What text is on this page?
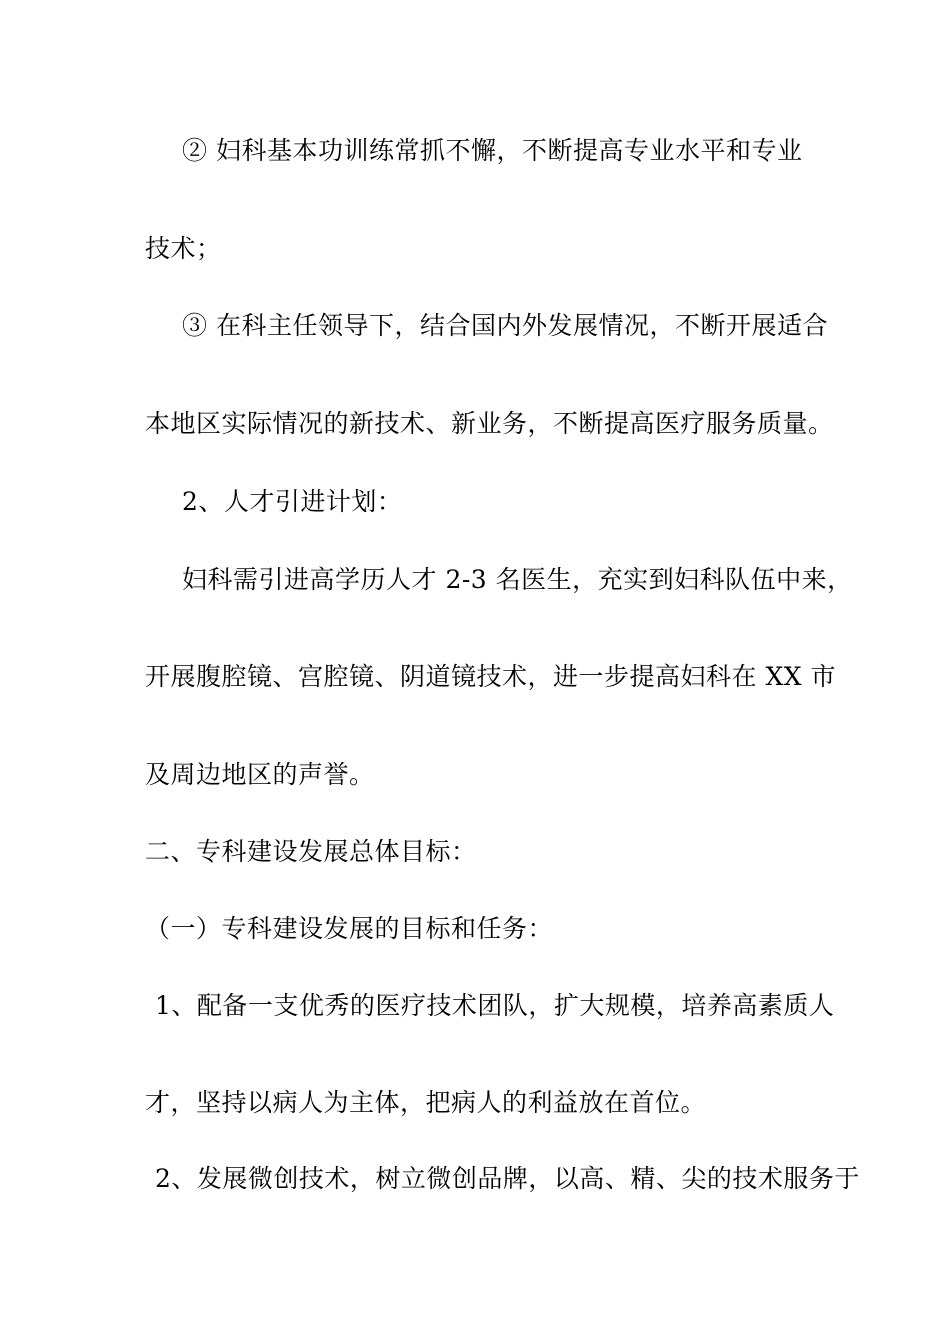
② 妇科基本功训练常抓不懈，不断提高专业水平和专业
技术；
③ 在科主任领导下，结合国内外发展情况，不断开展适合
本地区实际情况的新技术、新业务，不断提高医疗服务质量。
2、人才引进计划：
妇科需引进高学历人才 2-3 名医生，充实到妇科队伍中来，
开展腹腔镜、宫腔镜、阴道镜技术，进一步提高妇科在 XX 市
及周边地区的声誉。
二、专科建设发展总体目标：
（一）专科建设发展的目标和任务：
1、配备一支优秀的医疗技术团队，扩大规模，培养高素质人
才，坚持以病人为主体，把病人的利益放在首位。
2、发展微创技术，树立微创品牌，以高、精、尖的技术服务于
